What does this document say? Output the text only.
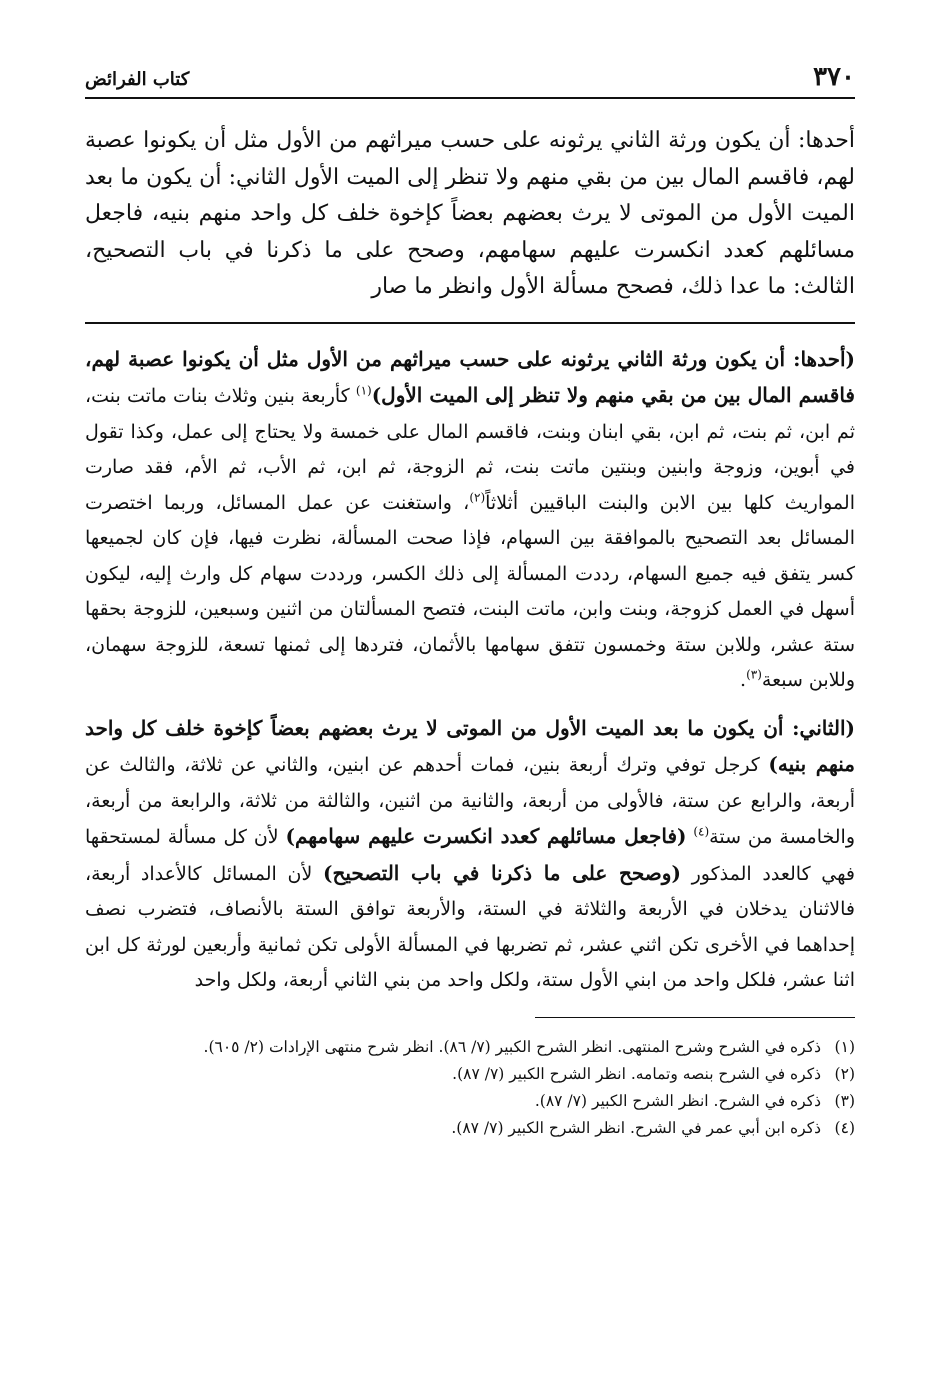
٣٧٠
كتاب الفرائض
أحدها: أن يكون ورثة الثاني يرثونه على حسب ميراثهم من الأول مثل أن يكونوا عصبة لهم، فاقسم المال بين من بقي منهم ولا تنظر إلى الميت الأول الثاني: أن يكون ما بعد الميت الأول من الموتى لا يرث بعضهم بعضاً كإخوة خلف كل واحد منهم بنيه، فاجعل مسائلهم كعدد انكسرت عليهم سهامهم، وصحح على ما ذكرنا في باب التصحيح، الثالث: ما عدا ذلك، فصحح مسألة الأول وانظر ما صار

(أحدها: أن يكون ورثة الثاني يرثونه على حسب ميراثهم من الأول مثل أن يكونوا عصبة لهم، فاقسم المال بين من بقي منهم ولا تنظر إلى الميت الأول)$^{(١)}$ كأربعة بنين وثلاث بنات ماتت بنت، ثم ابن، ثم بنت، ثم ابن، بقي ابنان وبنت، فاقسم المال على خمسة ولا يحتاج إلى عمل، وكذا تقول في أبوين، وزوجة وابنين وبنتين ماتت بنت، ثم الزوجة، ثم ابن، ثم الأب، ثم الأم، فقد صارت المواريث كلها بين الابن والبنت الباقيين أثلاثاً$^{(٢)}$، واستغنت عن عمل المسائل، وربما اختصرت المسائل بعد التصحيح بالموافقة بين السهام، فإذا صحت المسألة، نظرت فيها، فإن كان لجميعها كسر يتفق فيه جميع السهام، رددت المسألة إلى ذلك الكسر، ورددت سهام كل وارث إليه، ليكون أسهل في العمل كزوجة، وبنت وابن، ماتت البنت، فتصح المسألتان من اثنين وسبعين، للزوجة بحقها ستة عشر، وللابن ستة وخمسون تتفق سهامها بالأثمان، فتردها إلى ثمنها تسعة، للزوجة سهمان، وللابن سبعة$^{(٣)}$.

(الثاني: أن يكون ما بعد الميت الأول من الموتى لا يرث بعضهم بعضاً كإخوة خلف كل واحد منهم بنيه) كرجل توفي وترك أربعة بنين، فمات أحدهم عن ابنين، والثاني عن ثلاثة، والثالث عن أربعة، والرابع عن ستة، فالأولى من أربعة، والثانية من اثنين، والثالثة من ثلاثة، والرابعة من أربعة، والخامسة من ستة$^{(٤)}$ (فاجعل مسائلهم كعدد انكسرت عليهم سهامهم) لأن كل مسألة لمستحقها فهي كالعدد المذكور (وصحح على ما ذكرنا في باب التصحيح) لأن المسائل كالأعداد أربعة، فالاثنان يدخلان في الأربعة والثلاثة في الستة، والأربعة توافق الستة بالأنصاف، فتضرب نصف إحداهما في الأخرى تكن اثني عشر، ثم تضربها في المسألة الأولى تكن ثمانية وأربعين لورثة كل ابن اثنا عشر، فلكل واحد من ابني الأول ستة، ولكل واحد من بني الثاني أربعة، ولكل واحد

(١)
ذكره في الشرح وشرح المنتهى. انظر الشرح الكبير (٧/ ٨٦). انظر شرح منتهى الإرادات (٢/ ٦٠٥).
(٢)
ذكره في الشرح بنصه وتمامه. انظر الشرح الكبير (٧/ ٨٧).
(٣)
ذكره في الشرح. انظر الشرح الكبير (٧/ ٨٧).
(٤)
ذكره ابن أبي عمر في الشرح. انظر الشرح الكبير (٧/ ٨٧).
